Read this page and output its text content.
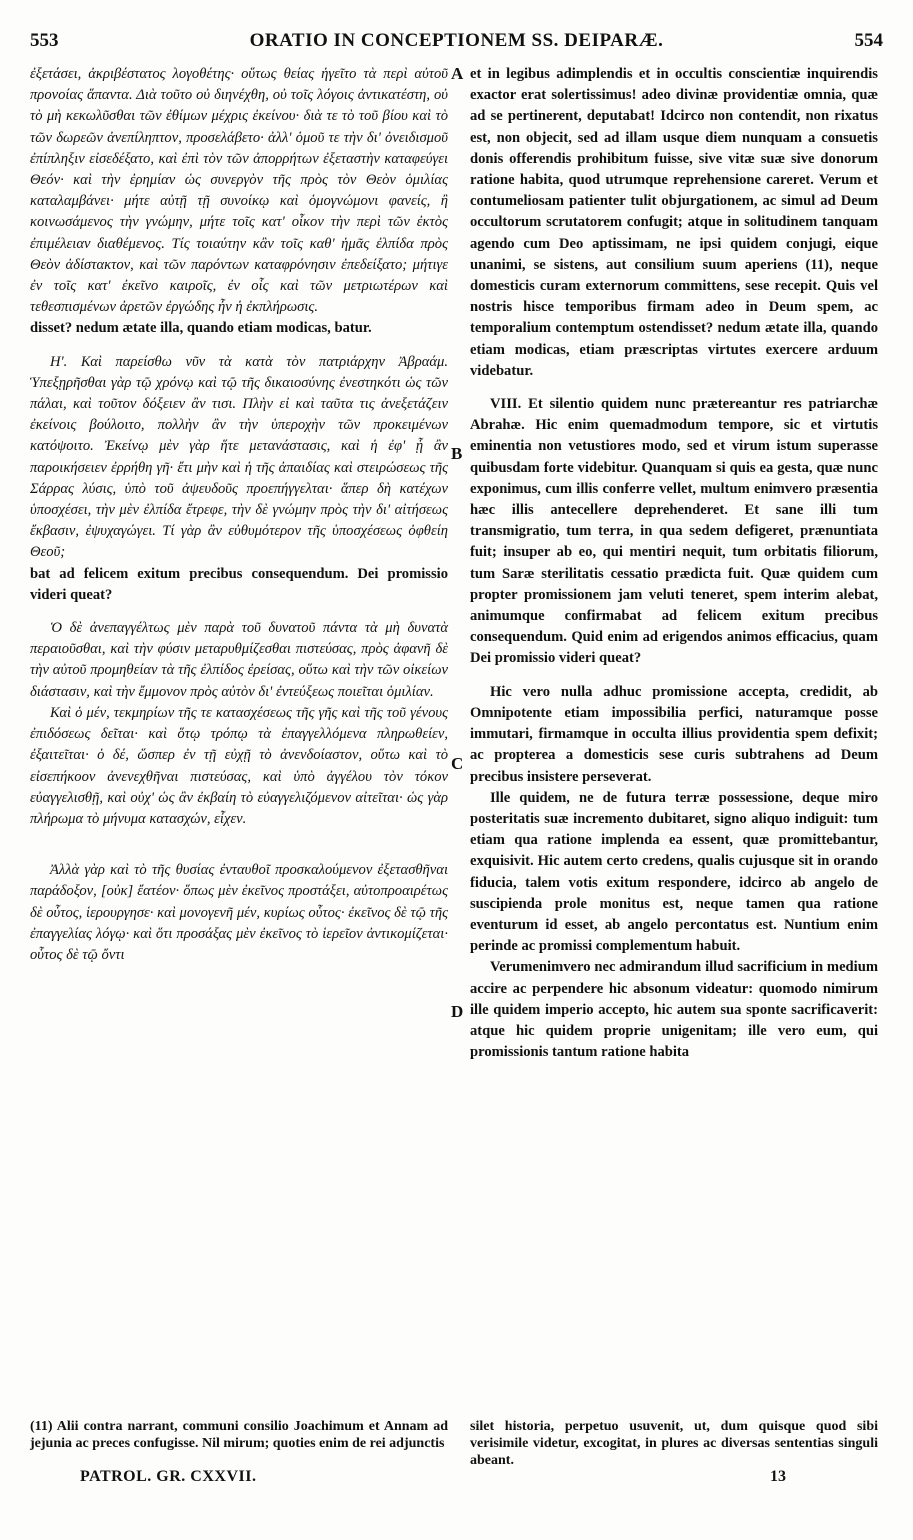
553	ORATIO IN CONCEPTIONEM SS. DEIPARÆ.	554
A
B
C
D

ἐξετάσει, ἀκριβέστατος λογοθέτης· οὕτως θείας ἡγεῖτο τὰ περὶ αὐτοῦ προνοίας ἅπαντα. Διὰ τοῦτο οὐ διηνέχθη, οὐ τοῖς λόγοις ἀντικατέστη, οὐ τὸ μὴ κεκωλῦσθαι τῶν ἐθίμων μέχρις ἐκείνου· διὰ τε τὸ τοῦ βίου καὶ τὸ τῶν δωρεῶν ἀνεπίληπτον, προσελάβετο· ἀλλ' ὁμοῦ τε τὴν δι' ὀνειδισμοῦ ἐπίπληξιν εἰσεδέξατο, καὶ ἐπὶ τὸν τῶν ἀπορρήτων ἐξεταστὴν καταφεύγει Θεόν· καὶ τὴν ἐρημίαν ὡς συνεργὸν τῆς πρὸς τὸν Θεὸν ὁμιλίας καταλαμβάνει· μήτε αὐτῇ τῇ συνοίκῳ καὶ ὁμογνώμονι φανείς, ἢ κοινωσάμενος τὴν γνώμην, μήτε τοῖς κατ' οἶκον τὴν περὶ τῶν ἐκτὸς ἐπιμέλειαν διαθέμενος. Τίς τοιαύτην κἂν τοῖς καθ' ἡμᾶς ἐλπίδα πρὸς Θεὸν ἀδίστακτον, καὶ τῶν παρόντων καταφρόνησιν ἐπεδείξατο; μήτιγε ἐν τοῖς κατ' ἐκεῖνο καιροῖς, ἐν οἷς καὶ τῶν μετριωτέρων καὶ τεθεσπισμένων ἀρετῶν ἐργώδης ἦν ἡ ἐκπλήρωσις.

disset? nedum ætate illa, quando etiam modicas, batur.

Η'. Καὶ παρείσθω νῦν τὰ κατὰ τὸν πατριάρχην Ἀβραάμ. Ὑπεξῃρῆσθαι γὰρ τῷ χρόνῳ καὶ τῷ τῆς δικαιοσύνης ἐνεστηκότι ὡς τῶν πάλαι, καὶ τοῦτον δόξειεν ἂν τισι. Πλὴν εἰ καὶ ταῦτα τις ἀνεξετάζειν ἐκείνοις βούλοιτο, πολλὴν ἂν τὴν ὑπεροχὴν τῶν προκειμένων κατόψοιτο. Ἐκείνῳ μὲν γὰρ ἥτε μετανάστασις, καὶ ἡ ἐφ' ᾗ ἂν παροικήσειεν ἐρρήθη γῆ· ἔτι μὴν καὶ ἡ τῆς ἀπαιδίας καὶ στειρώσεως τῆς Σάρρας λύσις, ὑπὸ τοῦ ἀψευδοῦς προεπήγγελται· ἅπερ δὴ κατέχων ὑποσχέσει, τὴν μὲν ἐλπίδα ἔτρεφε, τὴν δὲ γνώμην πρὸς τὴν δι' αἰτήσεως ἔκβασιν, ἐψυχαγώγει. Τί γὰρ ἂν εὐθυμότερον τῆς ὑποσχέσεως ὀφθείη Θεοῦ;

bat ad felicem exitum precibus consequendum. Dei promissio videri queat?

Ὁ δὲ ἀνεπαγγέλτως μὲν παρὰ τοῦ δυνατοῦ πάντα τὰ μὴ δυνατὰ περαιοῦσθαι, καὶ τὴν φύσιν μεταρυθμίζεσθαι πιστεύσας, πρὸς ἀφανῆ δὲ τὴν αὐτοῦ προμηθείαν τὰ τῆς ἐλπίδος ἐρείσας, οὕτω καὶ τὴν τῶν οἰκείων διάστασιν, καὶ τὴν ἔμμονον πρὸς αὐτὸν δι' ἐντεύξεως ποιεῖται ὁμιλίαν.

Καὶ ὁ μέν, τεκμηρίων τῆς τε κατασχέσεως τῆς γῆς καὶ τῆς τοῦ γένους ἐπιδόσεως δεῖται· καὶ ὅτῳ τρόπῳ τὰ ἐπαγγελλόμενα πληρωθείεν, ἐξαιτεῖται· ὁ δέ, ὥσπερ ἐν τῇ εὐχῇ τὸ ἀνενδοίαστον, οὕτω καὶ τὸ εἰσεπήκοον ἀνενεχθῆναι πιστεύσας, καὶ ὑπὸ ἀγγέλου τὸν τόκον εὐαγγελισθῇ, καὶ οὐχ' ὡς ἂν ἐκβαίη τὸ εὐαγγελιζόμενον αἰτεῖται· ὡς γὰρ πλήρωμα τὸ μήνυμα κατασχών, εἶχεν.

Ἀλλὰ γὰρ καὶ τὸ τῆς θυσίας ἐνταυθοῖ προσκαλούμενον ἐξετασθῆναι παράδοξον, [οὐκ] ἔατέον· ὅπως μὲν ἐκεῖνος προστάξει, αὐτοπροαιρέτως δὲ οὗτος, ἱερουργησε· καὶ μονογενῆ μέν, κυρίως οὗτος· ἐκεῖνος δὲ τῷ τῆς ἐπαγγελίας λόγῳ· καὶ ὅτι προσάξας μὲν ἐκεῖνος τὸ ἱερεῖον ἀντικομίζεται· οὗτος δὲ τῷ ὄντι

et in legibus adimplendis et in occultis conscientiæ inquirendis exactor erat solertissimus! adeo divinæ providentiæ omnia, quæ ad se pertinerent, deputabat! Idcirco non contendit, non rixatus est, non objecit, sed ad illam usque diem nunquam a consuetis donis offerendis prohibitum fuisse, sive vitæ suæ sive donorum ratione habita, quod utrumque reprehensione careret. Verum et contumeliosam patienter tulit objurgationem, ac simul ad Deum occultorum scrutatorem confugit; atque in solitudinem tanquam agendo cum Deo aptissimam, ne ipsi quidem conjugi, eique unanimi, se sistens, aut consilium suum aperiens (11), neque domesticis curam externorum committens, sese recepit. Quis vel nostris hisce temporibus firmam adeo in Deum spem, ac temporalium contemptum ostendisset? nedum ætate illa, quando etiam modicas, etiam præscriptas virtutes exercere arduum videbatur.

VIII. Et silentio quidem nunc prætereantur res patriarchæ Abrahæ. Hic enim quemadmodum tempore, sic et virtutis eminentia non vetustiores modo, sed et virum istum superasse quibusdam forte videbitur. Quanquam si quis ea gesta, quæ nunc exponimus, cum illis conferre vellet, multum enimvero præsentia hæc illis antecellere deprehenderet. Et sane illi tum transmigratio, tum terra, in qua sedem defigeret, prænuntiata fuit; insuper ab eo, qui mentiri nequit, tum orbitatis filiorum, tum Saræ sterilitatis cessatio prædicta fuit. Quæ quidem cum propter promissionem jam veluti teneret, spem interim alebat, animumque confirmabat ad felicem exitum precibus consequendum. Quid enim ad erigendos animos efficacius, quam Dei promissio videri queat?

Hic vero nulla adhuc promissione accepta, credidit, ab Omnipotente etiam impossibilia perfici, naturamque posse immutari, firmamque in occulta illius providentia spem defixit; ac propterea a domesticis sese curis subtrahens ad Deum precibus insistere perseverat.

Ille quidem, ne de futura terræ possessione, deque miro posteritatis suæ incremento dubitaret, signo aliquo indiguit: tum etiam qua ratione implenda ea essent, quæ promittebantur, exquisivit. Hic autem certo credens, qualis cujusque sit in orando fiducia, talem votis exitum respondere, idcirco ab angelo de suscipienda prole monitus est, neque tamen qua ratione eventurum id esset, ab angelo percontatus est. Nuntium enim perinde ac promissi complementum habuit.

Verumenimvero nec admirandum illud sacrificium in medium accire ac perpendere hic absonum videatur: quomodo nimirum ille quidem imperio accepto, hic autem sua sponte sacrificaverit: atque hic quidem proprie unigenitam; ille vero eum, qui promissionis tantum ratione habita

(11) Alii contra narrant, communi consilio Joachimum et Annam ad jejunia ac preces confugisse. Nil mirum; quoties enim de rei adjunctis
silet historia, perpetuo usuvenit, ut, dum quisque quod sibi verisimile videtur, excogitat, in plures ac diversas sententias singuli abeant.
PATROL. GR. CXXVII.	13
